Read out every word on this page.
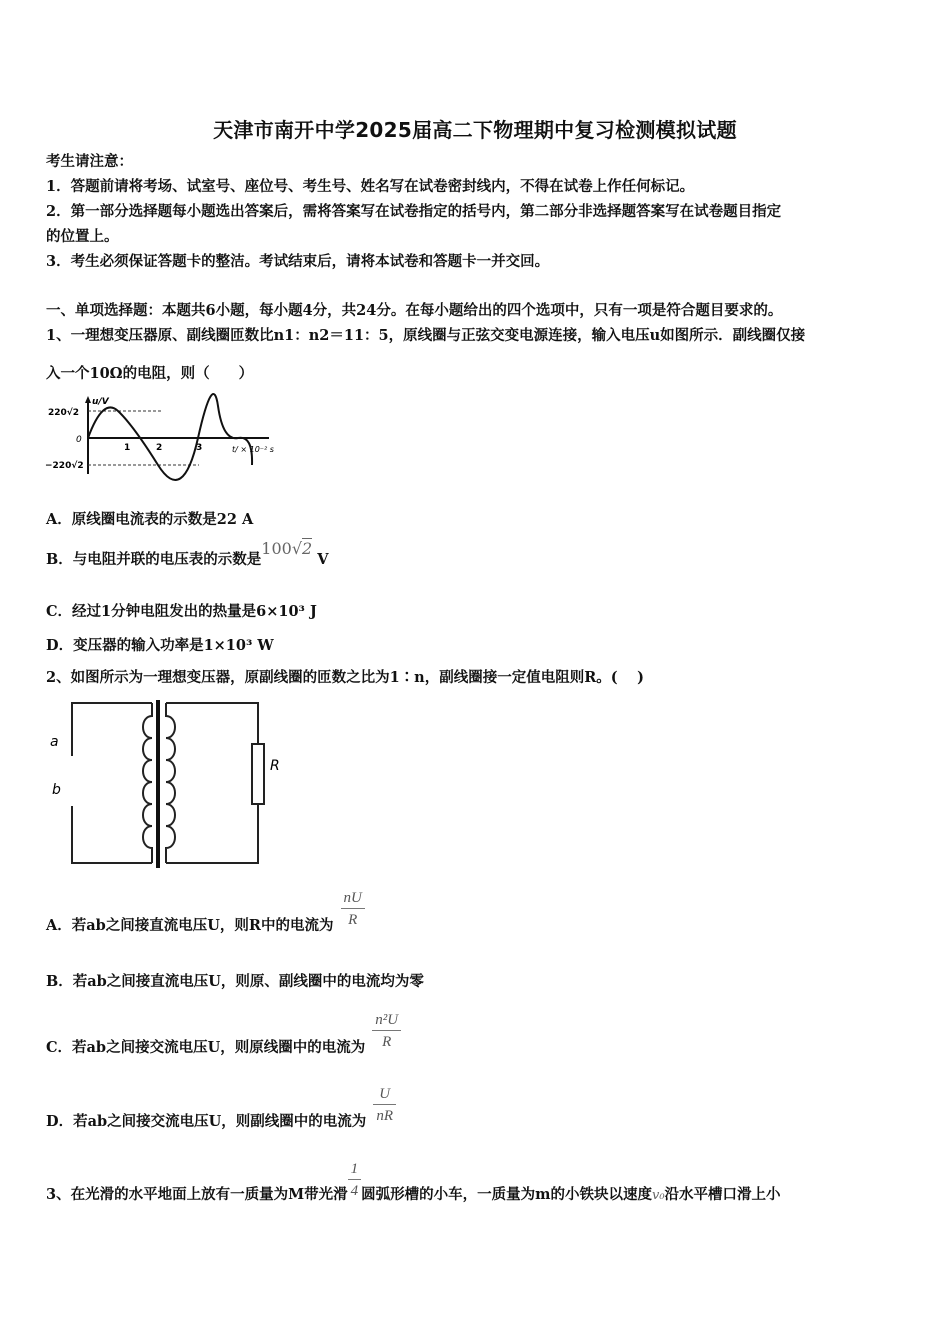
天津市南开中学2025届高二下物理期中复习检测模拟试题
考生请注意：
1．答题前请将考场、试室号、座位号、考生号、姓名写在试卷密封线内，不得在试卷上作任何标记。
2．第一部分选择题每小题选出答案后，需将答案写在试卷指定的括号内，第二部分非选择题答案写在试卷题目指定
的位置上。
3．考生必须保证答题卡的整洁。考试结束后，请将本试卷和答题卡一并交回。
一、单项选择题：本题共6小题，每小题4分，共24分。在每小题给出的四个选项中，只有一项是符合题目要求的。
1、一理想变压器原、副线圈匝数比n1：n2＝11：5，原线圈与正弦交变电源连接，输入电压u如图所示．副线圈仅接
入一个10Ω的电阻，则（　　）
220√2
0
−220√2
u/V
1	2	3	t/ × 10⁻² s
A．原线圈电流表的示数是22 A
B．与电阻并联的电压表的示数是100√2 V
C．经过1分钟电阻发出的热量是6×10³ J
D．变压器的输入功率是1×10³ W
2、如图所示为一理想变压器，原副线圈的匝数之比为1∶n，副线圈接一定值电阻则R。(　 )
a
b
R
A．若ab之间接直流电压U，则R中的电流为 $\frac{nU}{R}$
B．若ab之间接直流电压U，则原、副线圈中的电流均为零
C．若ab之间接交流电压U，则原线圈中的电流为 $\frac{\text{n²U}}{R}$
D．若ab之间接交流电压U，则副线圈中的电流为 $\frac{U}{nR}$
3、在光滑的水平地面上放有一质量为M带光滑 $\frac{1}{4}$ 圆弧形槽的小车，一质量为m的小铁块以速度v₀沿水平槽口滑上小
